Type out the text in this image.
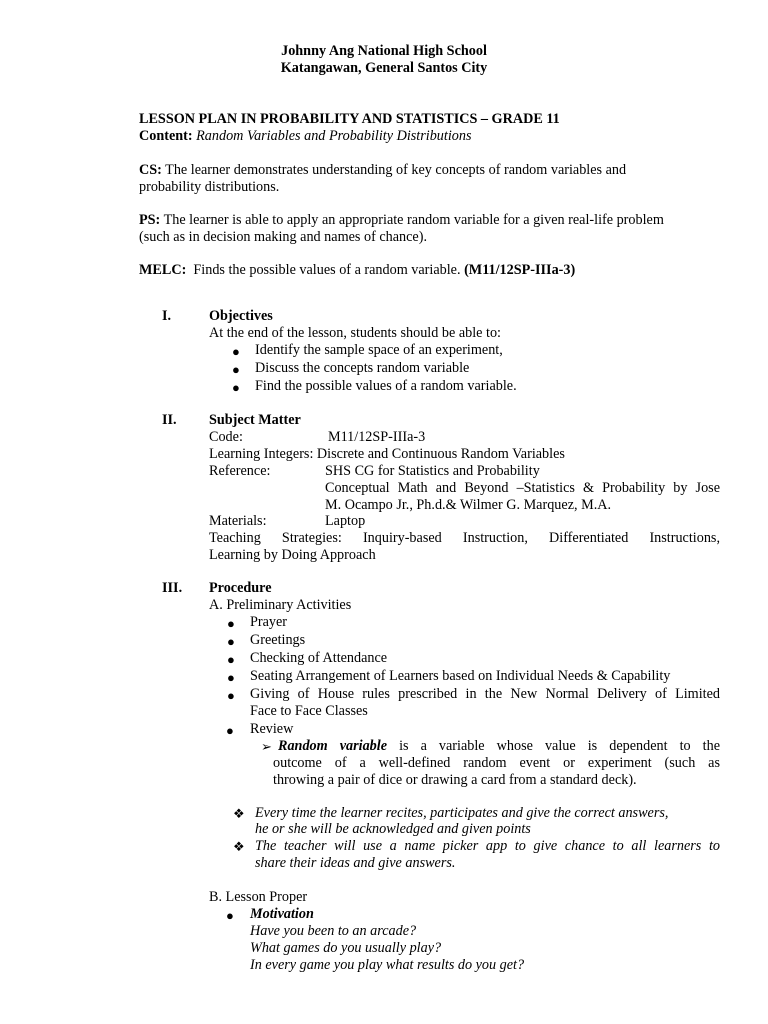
Johnny Ang National High School
Katangawan, General Santos City
LESSON PLAN IN PROBABILITY AND STATISTICS – GRADE 11
Content: Random Variables and Probability Distributions
CS: The learner demonstrates understanding of key concepts of random variables and
probability distributions.
PS: The learner is able to apply an appropriate random variable for a given real-life problem
(such as in decision making and names of chance).
MELC: Finds the possible values of a random variable. (M11/12SP-IIIa-3)
I.	Objectives
At the end of the lesson, students should be able to:
● Identify the sample space of an experiment,
● Discuss the concepts random variable
● Find the possible values of a random variable.
II. Subject Matter
Code:	M11/12SP-IIIa-3
Learning Integers: Discrete and Continuous Random Variables
Reference:	SHS CG for Statistics and Probability
Conceptual Math and Beyond –Statistics & Probability by Jose
M. Ocampo Jr., Ph.d.& Wilmer G. Marquez, M.A.
Materials:	Laptop
Teaching Strategies: Inquiry-based Instruction, Differentiated Instructions,
Learning by Doing Approach
III. Procedure
A. Preliminary Activities
● Prayer
● Greetings
● Checking of Attendance
● Seating Arrangement of Learners based on Individual Needs & Capability
● Giving of House rules prescribed in the New Normal Delivery of Limited
Face to Face Classes
● Review
➢ Random variable is a variable whose value is dependent to the
outcome of a well-defined random event or experiment (such as
throwing a pair of dice or drawing a card from a standard deck).
❖ Every time the learner recites, participates and give the correct answers,
he or she will be acknowledged and given points
❖ The teacher will use a name picker app to give chance to all learners to
share their ideas and give answers.
B. Lesson Proper
● Motivation
Have you been to an arcade?
What games do you usually play?
In every game you play what results do you get?
